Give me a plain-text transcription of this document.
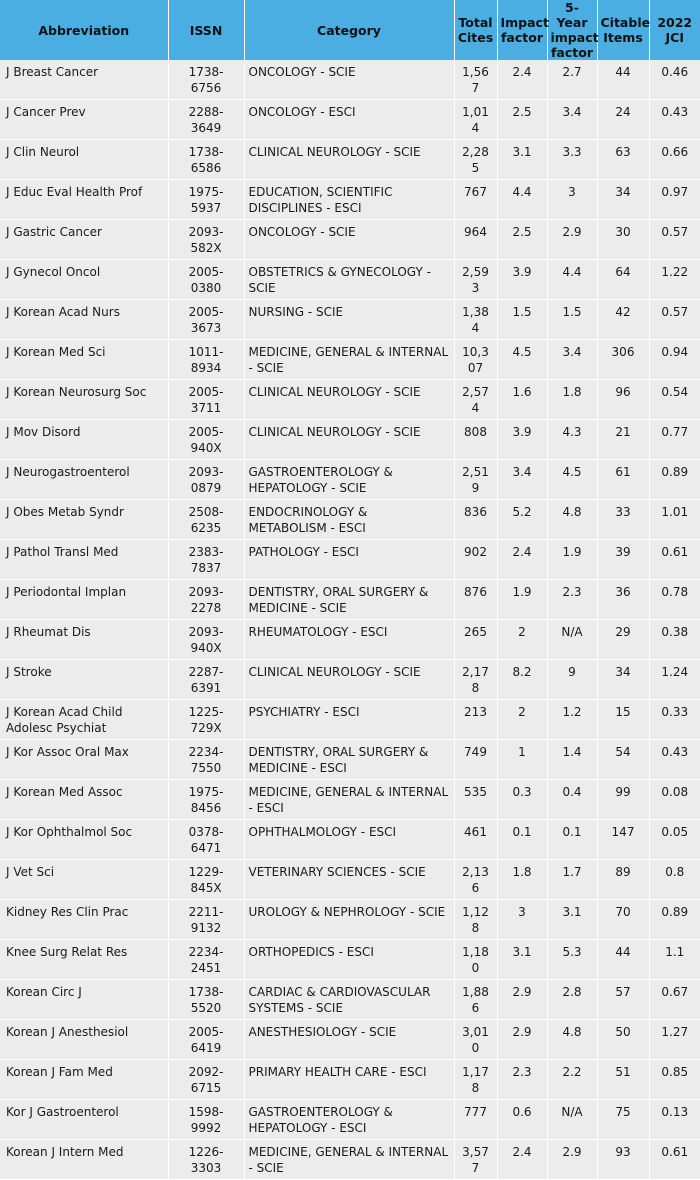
Abbreviation	ISSN	Category	Total Cites	Impact factor	5-Year impact factor	Citable Items	2022 JCI
J Breast Cancer	1738-6756	ONCOLOGY - SCIE	1,567	2.4	2.7	44	0.46
J Cancer Prev	2288-3649	ONCOLOGY - ESCI	1,014	2.5	3.4	24	0.43
J Clin Neurol	1738-6586	CLINICAL NEUROLOGY - SCIE	2,285	3.1	3.3	63	0.66
J Educ Eval Health Prof	1975-5937	EDUCATION, SCIENTIFIC DISCIPLINES - ESCI	767	4.4	3	34	0.97
J Gastric Cancer	2093-582X	ONCOLOGY - SCIE	964	2.5	2.9	30	0.57
J Gynecol Oncol	2005-0380	OBSTETRICS & GYNECOLOGY - SCIE	2,593	3.9	4.4	64	1.22
J Korean Acad Nurs	2005-3673	NURSING - SCIE	1,384	1.5	1.5	42	0.57
J Korean Med Sci	1011-8934	MEDICINE, GENERAL & INTERNAL - SCIE	10,307	4.5	3.4	306	0.94
J Korean Neurosurg Soc	2005-3711	CLINICAL NEUROLOGY - SCIE	2,574	1.6	1.8	96	0.54
J Mov Disord	2005-940X	CLINICAL NEUROLOGY - SCIE	808	3.9	4.3	21	0.77
J Neurogastroenterol	2093-0879	GASTROENTEROLOGY & HEPATOLOGY - SCIE	2,519	3.4	4.5	61	0.89
J Obes Metab Syndr	2508-6235	ENDOCRINOLOGY & METABOLISM - ESCI	836	5.2	4.8	33	1.01
J Pathol Transl Med	2383-7837	PATHOLOGY - ESCI	902	2.4	1.9	39	0.61
J Periodontal Implan	2093-2278	DENTISTRY, ORAL SURGERY & MEDICINE - SCIE	876	1.9	2.3	36	0.78
J Rheumat Dis	2093-940X	RHEUMATOLOGY - ESCI	265	2	N/A	29	0.38
J Stroke	2287-6391	CLINICAL NEUROLOGY - SCIE	2,178	8.2	9	34	1.24
J Korean Acad Child Adolesc Psychiat	1225-729X	PSYCHIATRY - ESCI	213	2	1.2	15	0.33
J Kor Assoc Oral Max	2234-7550	DENTISTRY, ORAL SURGERY & MEDICINE - ESCI	749	1	1.4	54	0.43
J Korean Med Assoc	1975-8456	MEDICINE, GENERAL & INTERNAL - ESCI	535	0.3	0.4	99	0.08
J Kor Ophthalmol Soc	0378-6471	OPHTHALMOLOGY - ESCI	461	0.1	0.1	147	0.05
J Vet Sci	1229-845X	VETERINARY SCIENCES - SCIE	2,136	1.8	1.7	89	0.8
Kidney Res Clin Prac	2211-9132	UROLOGY & NEPHROLOGY - SCIE	1,128	3	3.1	70	0.89
Knee Surg Relat Res	2234-2451	ORTHOPEDICS - ESCI	1,180	3.1	5.3	44	1.1
Korean Circ J	1738-5520	CARDIAC & CARDIOVASCULAR SYSTEMS - SCIE	1,886	2.9	2.8	57	0.67
Korean J Anesthesiol	2005-6419	ANESTHESIOLOGY - SCIE	3,010	2.9	4.8	50	1.27
Korean J Fam Med	2092-6715	PRIMARY HEALTH CARE - ESCI	1,178	2.3	2.2	51	0.85
Kor J Gastroenterol	1598-9992	GASTROENTEROLOGY & HEPATOLOGY - ESCI	777	0.6	N/A	75	0.13
Korean J Intern Med	1226-3303	MEDICINE, GENERAL & INTERNAL - SCIE	3,577	2.4	2.9	93	0.61
